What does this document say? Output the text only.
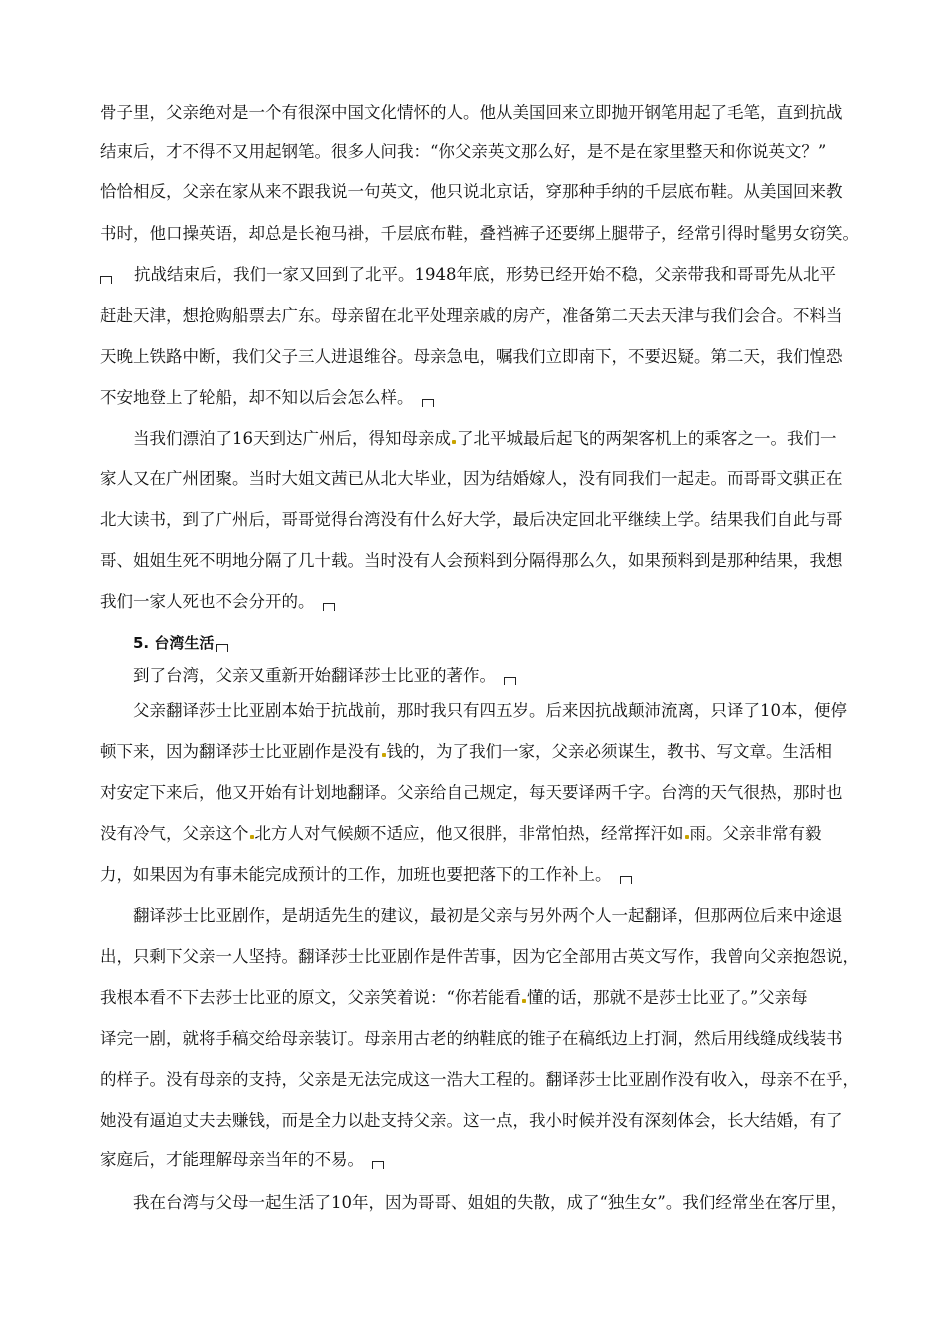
骨子里，父亲绝对是一个有很深中国文化情怀的人。他从美国回来立即抛开钢笔用起了毛笔，直到抗战
结束后，才不得不又用起钢笔。很多人问我：“你父亲英文那么好，是不是在家里整天和你说英文？”
恰恰相反，父亲在家从来不跟我说一句英文，他只说北京话，穿那种手纳的千层底布鞋。从美国回来教
书时，他口操英语，却总是长袍马褂，千层底布鞋，叠裆裤子还要绑上腿带子，经常引得时髦男女窃笑。
抗战结束后，我们一家又回到了北平。1948年底，形势已经开始不稳，父亲带我和哥哥先从北平
赶赴天津，想抢购船票去广东。母亲留在北平处理亲戚的房产，准备第二天去天津与我们会合。不料当
天晚上铁路中断，我们父子三人进退维谷。母亲急电，嘱我们立即南下，不要迟疑。第二天，我们惶恐
不安地登上了轮船，却不知以后会怎么样。
当我们漂泊了16天到达广州后，得知母亲成 了北平城最后起飞的两架客机上的乘客之一。我们一
家人又在广州团聚。当时大姐文茜已从北大毕业，因为结婚嫁人，没有同我们一起走。而哥哥文骐正在
北大读书，到了广州后，哥哥觉得台湾没有什么好大学，最后决定回北平继续上学。结果我们自此与哥
哥、姐姐生死不明地分隔了几十载。当时没有人会预料到分隔得那么久，如果预料到是那种结果，我想
我们一家人死也不会分开的。
5. 台湾生活
到了台湾，父亲又重新开始翻译莎士比亚的著作。
父亲翻译莎士比亚剧本始于抗战前，那时我只有四五岁。后来因抗战颠沛流离，只译了10本，便停
顿下来，因为翻译莎士比亚剧作是没有 钱的，为了我们一家，父亲必须谋生，教书、写文章。生活相
对安定下来后，他又开始有计划地翻译。父亲给自己规定，每天要译两千字。台湾的天气很热，那时也
没有冷气，父亲这个 北方人对气候颇不适应，他又很胖，非常怕热，经常挥汗如 雨。父亲非常有毅
力，如果因为有事未能完成预计的工作，加班也要把落下的工作补上。
翻译莎士比亚剧作，是胡适先生的建议，最初是父亲与另外两个人一起翻译，但那两位后来中途退
出，只剩下父亲一人坚持。翻译莎士比亚剧作是件苦事，因为它全部用古英文写作，我曾向父亲抱怨说，
我根本看不下去莎士比亚的原文，父亲笑着说：“你若能看 懂的话，那就不是莎士比亚了。”父亲每
译完一剧，就将手稿交给母亲装订。母亲用古老的纳鞋底的锥子在稿纸边上打洞，然后用线缝成线装书
的样子。没有母亲的支持，父亲是无法完成这一浩大工程的。翻译莎士比亚剧作没有收入，母亲不在乎，
她没有逼迫丈夫去赚钱，而是全力以赴支持父亲。这一点，我小时候并没有深刻体会，长大结婚，有了
家庭后，才能理解母亲当年的不易。
我在台湾与父母一起生活了10年，因为哥哥、姐姐的失散，成了“独生女”。我们经常坐在客厅里，
